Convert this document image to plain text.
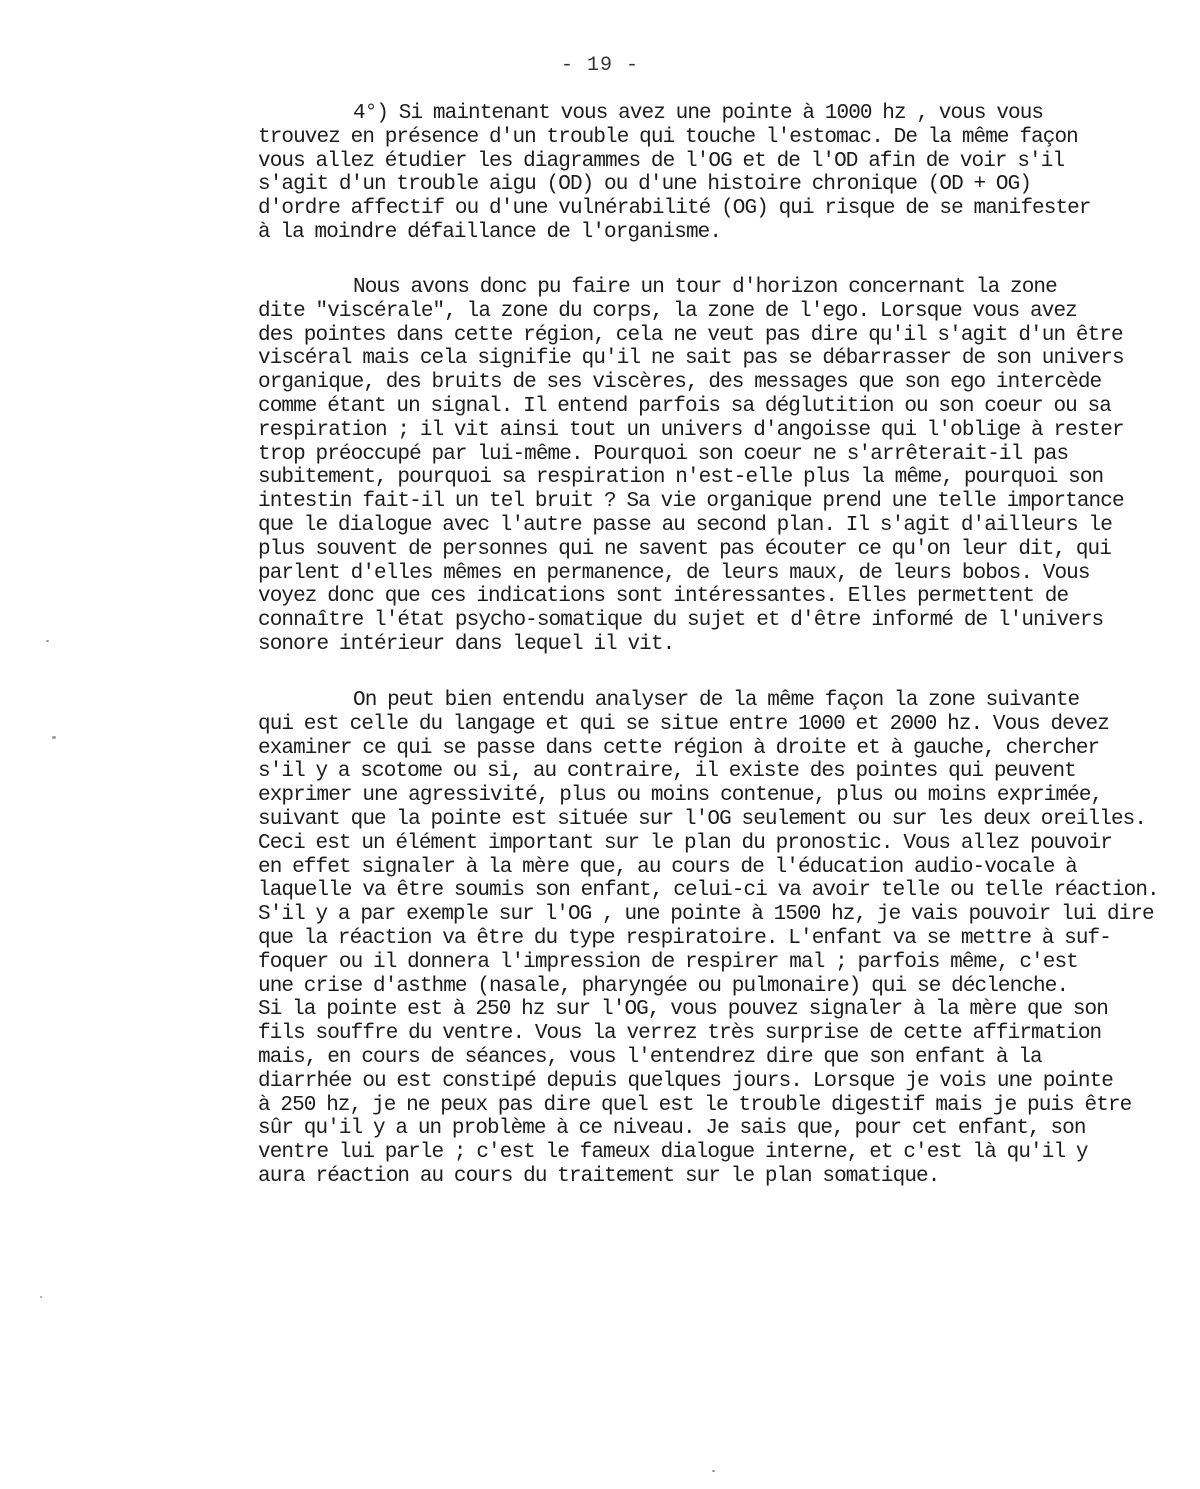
- 19 -
4°) Si maintenant vous avez une pointe à 1000 hz , vous vous
trouvez en présence d'un trouble qui touche l'estomac. De la même façon
vous allez étudier les diagrammes de l'OG et de l'OD afin de voir s'il
s'agit d'un trouble aigu (OD) ou d'une histoire chronique (OD + OG)
d'ordre affectif ou d'une vulnérabilité (OG) qui risque de se manifester
à la moindre défaillance de l'organisme.
Nous avons donc pu faire un tour d'horizon concernant la zone
dite "viscérale", la zone du corps, la zone de l'ego. Lorsque vous avez
des pointes dans cette région, cela ne veut pas dire qu'il s'agit d'un être
viscéral mais cela signifie qu'il ne sait pas se débarrasser de son univers
organique, des bruits de ses viscères, des messages que son ego intercède
comme étant un signal. Il entend parfois sa déglutition ou son coeur ou sa
respiration ; il vit ainsi tout un univers d'angoisse qui l'oblige à rester
trop préoccupé par lui-même. Pourquoi son coeur ne s'arrêterait-il pas
subitement, pourquoi sa respiration n'est-elle plus la même, pourquoi son
intestin fait-il un tel bruit ? Sa vie organique prend une telle importance
que le dialogue avec l'autre passe au second plan. Il s'agit d'ailleurs le
plus souvent de personnes qui ne savent pas écouter ce qu'on leur dit, qui
parlent d'elles mêmes en permanence, de leurs maux, de leurs bobos. Vous
voyez donc que ces indications sont intéressantes. Elles permettent de
connaître l'état psycho-somatique du sujet et d'être informé de l'univers
sonore intérieur dans lequel il vit.
On peut bien entendu analyser de la même façon la zone suivante
qui est celle du langage et qui se situe entre 1000 et 2000 hz. Vous devez
examiner ce qui se passe dans cette région à droite et à gauche, chercher
s'il y a scotome ou si, au contraire, il existe des pointes qui peuvent
exprimer une agressivité, plus ou moins contenue, plus ou moins exprimée,
suivant que la pointe est située sur l'OG seulement ou sur les deux oreilles.
Ceci est un élément important sur le plan du pronostic. Vous allez pouvoir
en effet signaler à la mère que, au cours de l'éducation audio-vocale à
laquelle va être soumis son enfant, celui-ci va avoir telle ou telle réaction.
S'il y a par exemple sur l'OG , une pointe à 1500 hz, je vais pouvoir lui dire
que la réaction va être du type respiratoire. L'enfant va se mettre à suf-
foquer ou il donnera l'impression de respirer mal ; parfois même, c'est
une crise d'asthme (nasale, pharyngée ou pulmonaire) qui se déclenche.
Si la pointe est à 250 hz sur l'OG, vous pouvez signaler à la mère que son
fils souffre du ventre. Vous la verrez très surprise de cette affirmation
mais, en cours de séances, vous l'entendrez dire que son enfant à la
diarrhée ou est constipé depuis quelques jours. Lorsque je vois une pointe
à 250 hz, je ne peux pas dire quel est le trouble digestif mais je puis être
sûr qu'il y a un problème à ce niveau. Je sais que, pour cet enfant, son
ventre lui parle ; c'est le fameux dialogue interne, et c'est là qu'il y
aura réaction au cours du traitement sur le plan somatique.
